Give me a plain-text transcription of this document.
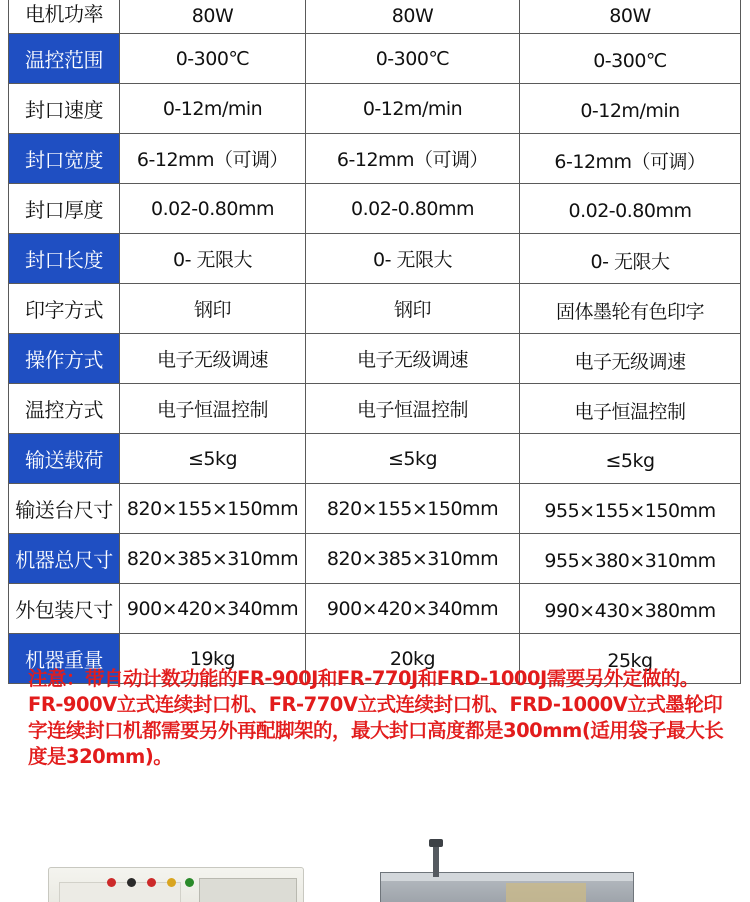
电机功率	80W	80W	80W
温控范围	0-300℃	0-300℃	0-300℃
封口速度	0-12m/min	0-12m/min	0-12m/min
封口宽度	6-12mm（可调）	6-12mm（可调）	6-12mm（可调）
封口厚度	0.02-0.80mm	0.02-0.80mm	0.02-0.80mm
封口长度	0- 无限大	0- 无限大	0- 无限大
印字方式	钢印	钢印	固体墨轮有色印字
操作方式	电子无级调速	电子无级调速	电子无级调速
温控方式	电子恒温控制	电子恒温控制	电子恒温控制
输送载荷	≤5kg	≤5kg	≤5kg
输送台尺寸	820×155×150mm	820×155×150mm	955×155×150mm
机器总尺寸	820×385×310mm	820×385×310mm	955×380×310mm
外包装尺寸	900×420×340mm	900×420×340mm	990×430×380mm
机器重量	19kg	20kg	25kg

注意：带自动计数功能的FR-900J和FR-770J和FRD-1000J需要另外定做的。FR-900V立式连续封口机、FR-770V立式连续封口机、FRD-1000V立式墨轮印字连续封口机都需要另外再配脚架的，最大封口高度都是300mm(适用袋子最大长度是320mm)。
